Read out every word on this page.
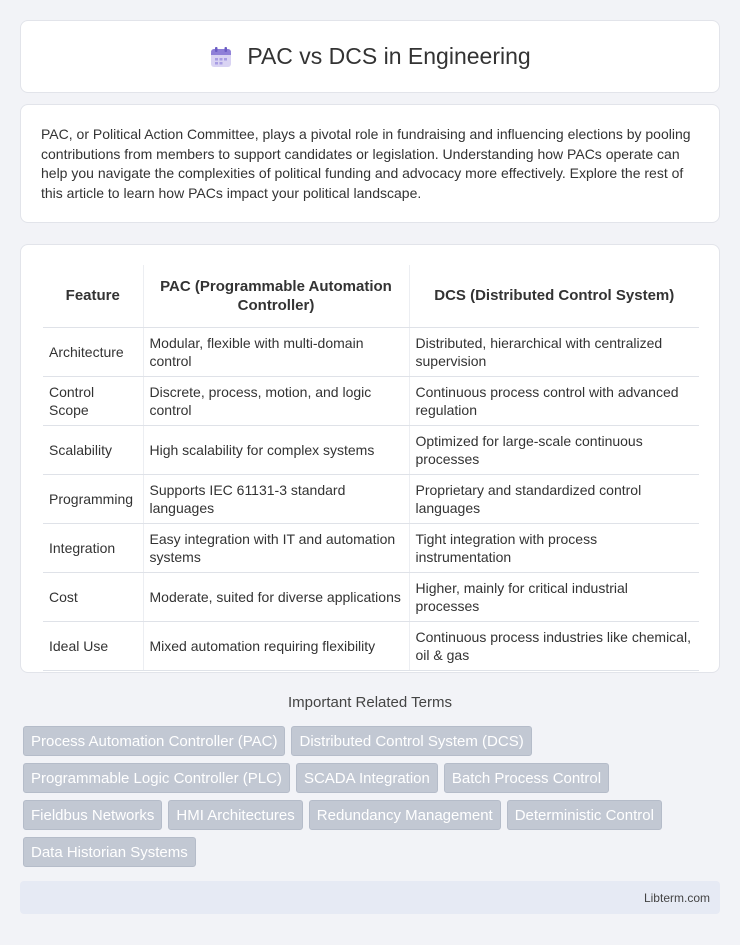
PAC vs DCS in Engineering

PAC, or Political Action Committee, plays a pivotal role in fundraising and influencing elections by pooling contributions from members to support candidates or legislation. Understanding how PACs operate can help you navigate the complexities of political funding and advocacy more effectively. Explore the rest of this article to learn how PACs impact your political landscape.

Feature	PAC (Programmable Automation Controller)	DCS (Distributed Control System)
Architecture	Modular, flexible with multi-domain control	Distributed, hierarchical with centralized supervision
Control Scope	Discrete, process, motion, and logic control	Continuous process control with advanced regulation
Scalability	High scalability for complex systems	Optimized for large-scale continuous processes
Programming	Supports IEC 61131-3 standard languages	Proprietary and standardized control languages
Integration	Easy integration with IT and automation systems	Tight integration with process instrumentation
Cost	Moderate, suited for diverse applications	Higher, mainly for critical industrial processes
Ideal Use	Mixed automation requiring flexibility	Continuous process industries like chemical, oil & gas
Important Related Terms
Process Automation Controller (PAC)	Distributed Control System (DCS)
Programmable Logic Controller (PLC)	SCADA Integration	Batch Process Control
Fieldbus Networks	HMI Architectures	Redundancy Management	Deterministic Control
Data Historian Systems
Libterm.com
